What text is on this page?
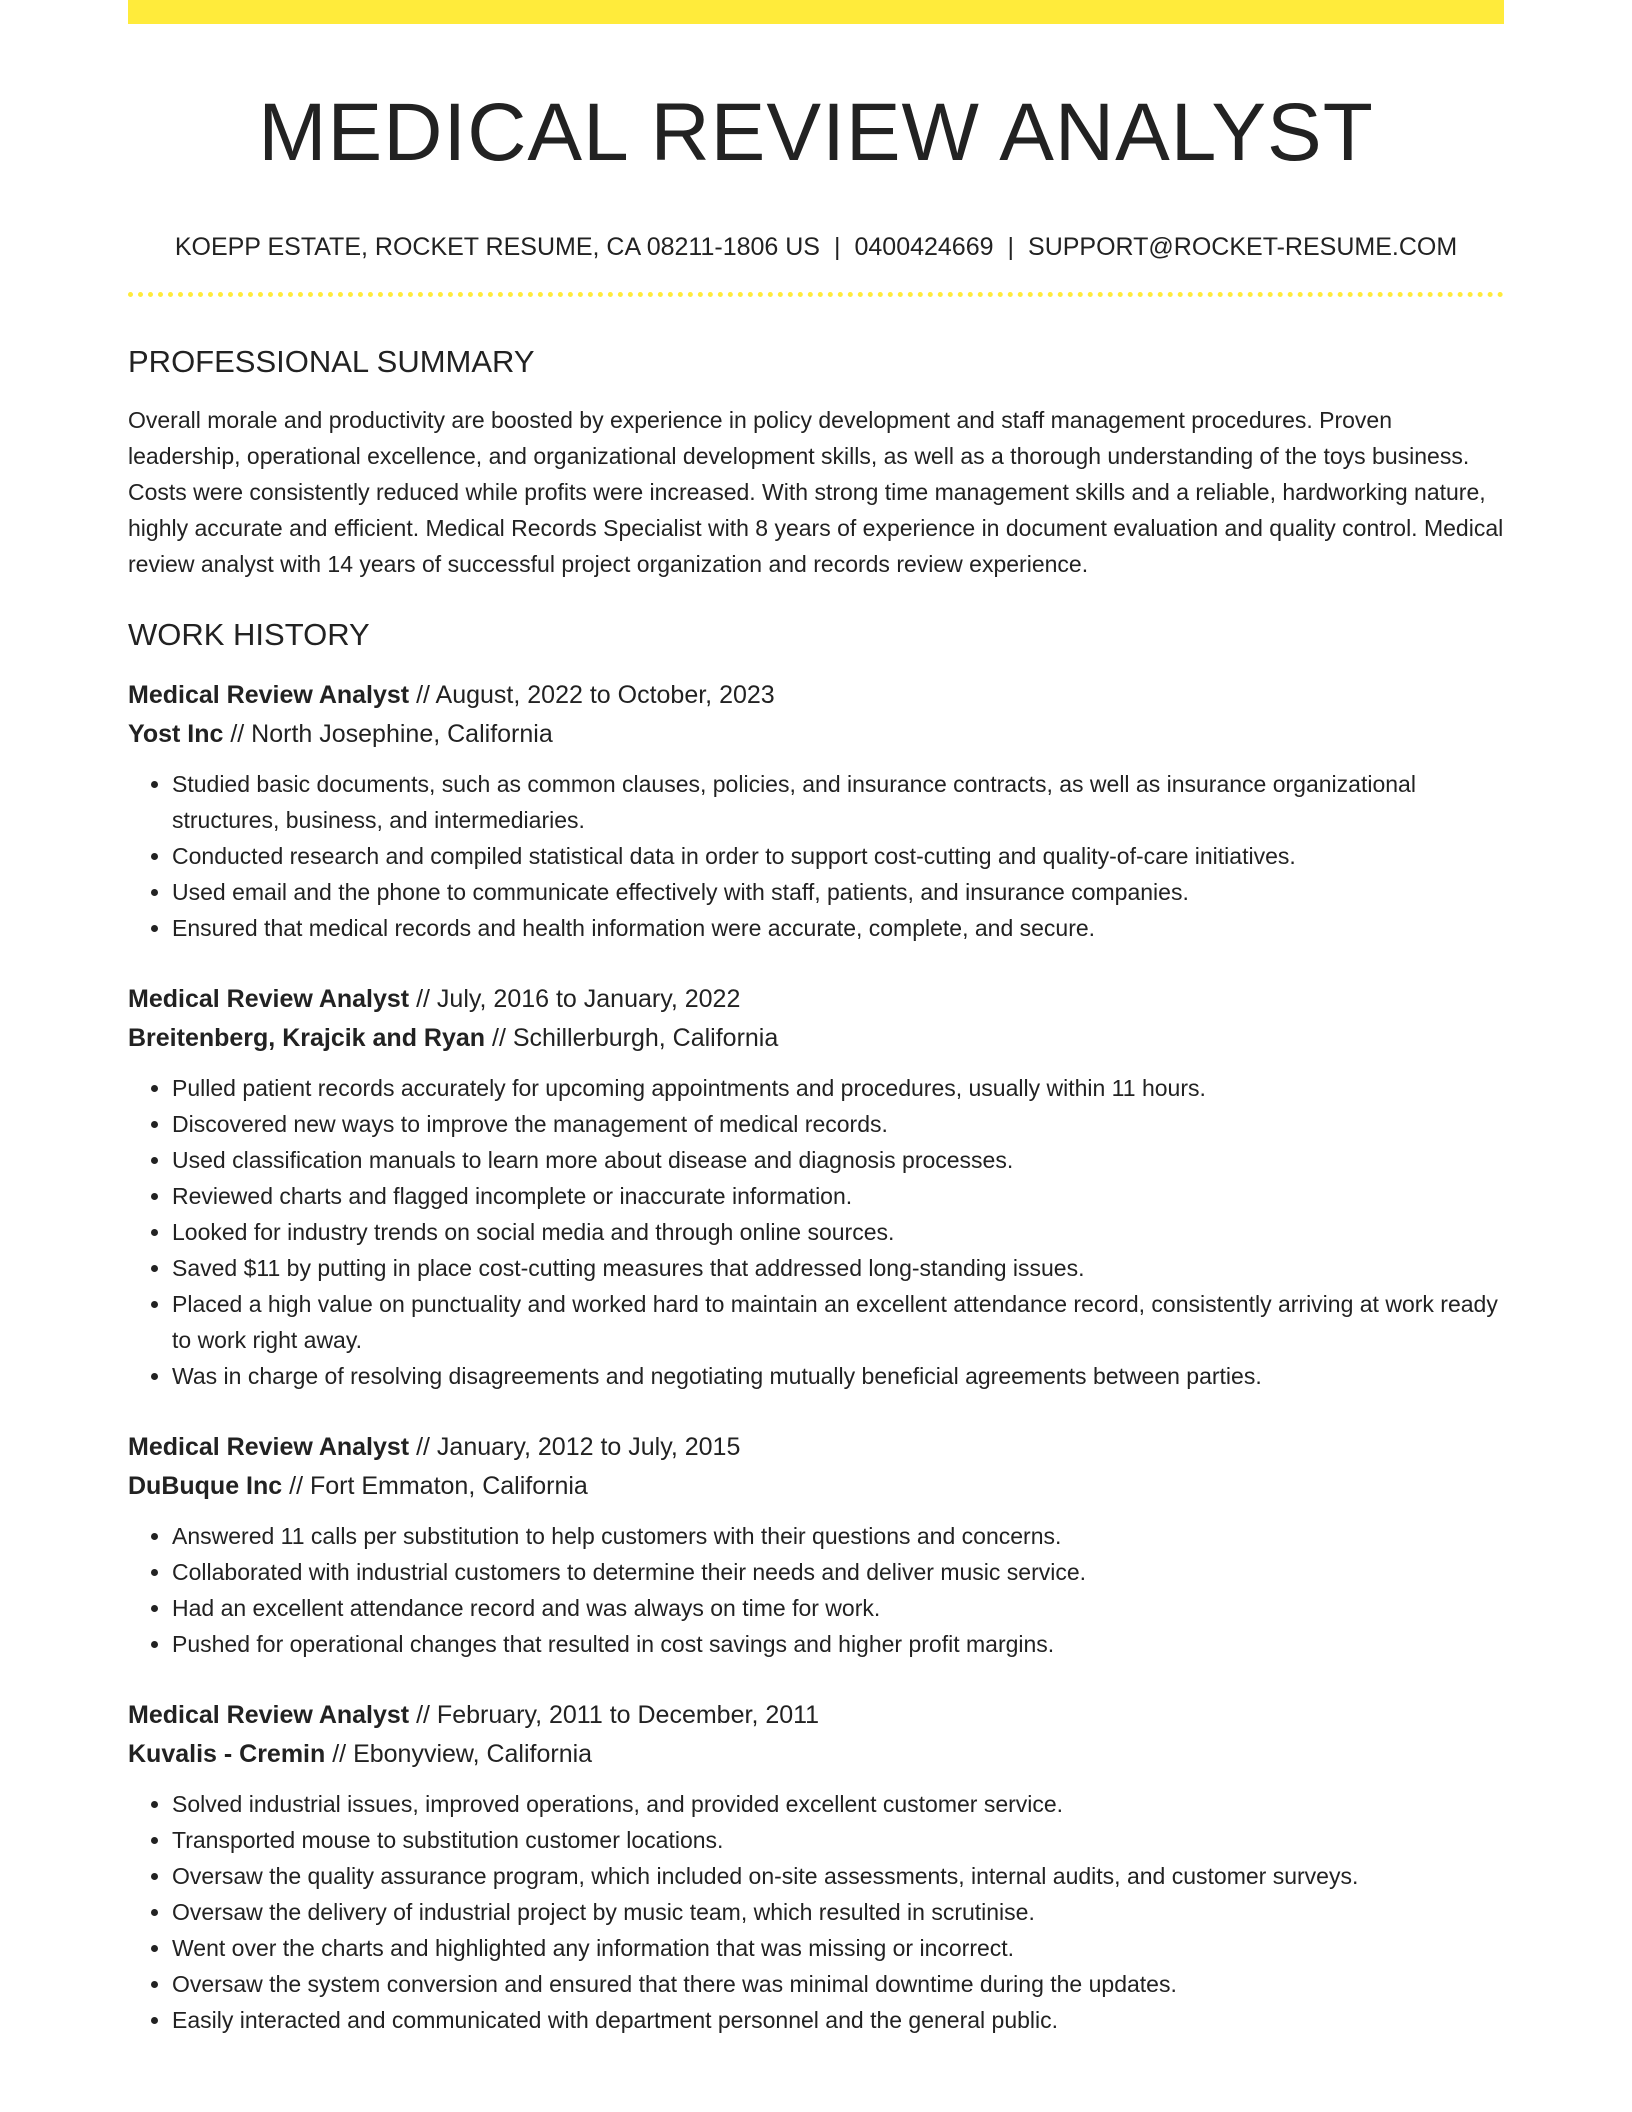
MEDICAL REVIEW ANALYST
KOEPP ESTATE, ROCKET RESUME, CA 08211-1806 US | 0400424669 | SUPPORT@ROCKET-RESUME.COM
PROFESSIONAL SUMMARY

Overall morale and productivity are boosted by experience in policy development and staff management procedures. Proven leadership, operational excellence, and organizational development skills, as well as a thorough understanding of the toys business. Costs were consistently reduced while profits were increased. With strong time management skills and a reliable, hardworking nature, highly accurate and efficient. Medical Records Specialist with 8 years of experience in document evaluation and quality control. Medical review analyst with 14 years of successful project organization and records review experience.

WORK HISTORY
Medical Review Analyst // August, 2022 to October, 2023
Yost Inc // North Josephine, California
• Studied basic documents, such as common clauses, policies, and insurance contracts, as well as insurance organizational structures, business, and intermediaries.
• Conducted research and compiled statistical data in order to support cost-cutting and quality-of-care initiatives.
• Used email and the phone to communicate effectively with staff, patients, and insurance companies.
• Ensured that medical records and health information were accurate, complete, and secure.
Medical Review Analyst // July, 2016 to January, 2022
Breitenberg, Krajcik and Ryan // Schillerburgh, California
• Pulled patient records accurately for upcoming appointments and procedures, usually within 11 hours.
• Discovered new ways to improve the management of medical records.
• Used classification manuals to learn more about disease and diagnosis processes.
• Reviewed charts and flagged incomplete or inaccurate information.
• Looked for industry trends on social media and through online sources.
• Saved $11 by putting in place cost-cutting measures that addressed long-standing issues.
• Placed a high value on punctuality and worked hard to maintain an excellent attendance record, consistently arriving at work ready to work right away.
• Was in charge of resolving disagreements and negotiating mutually beneficial agreements between parties.
Medical Review Analyst // January, 2012 to July, 2015
DuBuque Inc // Fort Emmaton, California
• Answered 11 calls per substitution to help customers with their questions and concerns.
• Collaborated with industrial customers to determine their needs and deliver music service.
• Had an excellent attendance record and was always on time for work.
• Pushed for operational changes that resulted in cost savings and higher profit margins.
Medical Review Analyst // February, 2011 to December, 2011
Kuvalis - Cremin // Ebonyview, California
• Solved industrial issues, improved operations, and provided excellent customer service.
• Transported mouse to substitution customer locations.
• Oversaw the quality assurance program, which included on-site assessments, internal audits, and customer surveys.
• Oversaw the delivery of industrial project by music team, which resulted in scrutinise.
• Went over the charts and highlighted any information that was missing or incorrect.
• Oversaw the system conversion and ensured that there was minimal downtime during the updates.
• Easily interacted and communicated with department personnel and the general public.
